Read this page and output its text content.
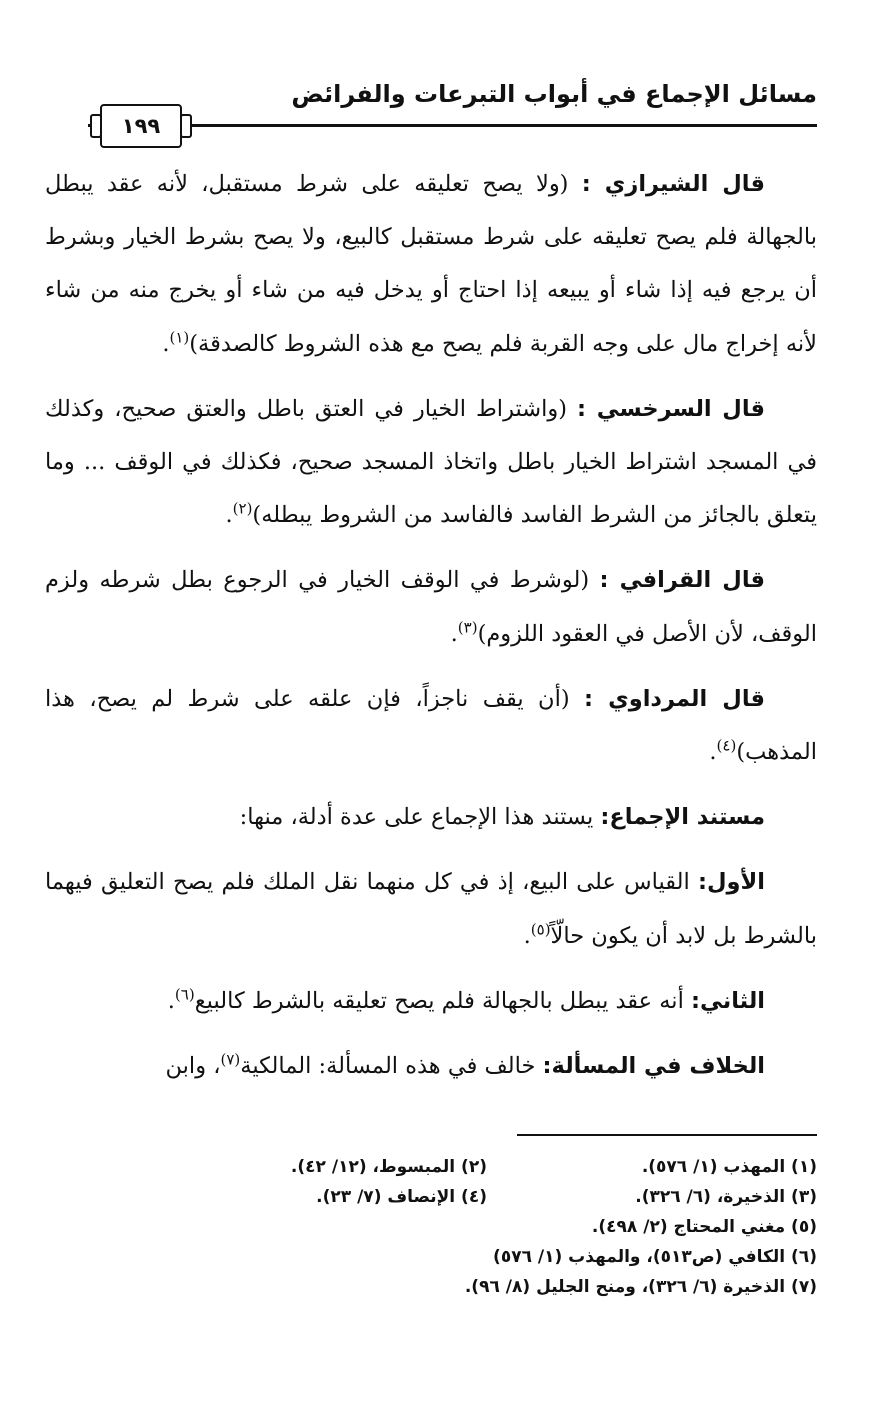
مسائل الإجماع في أبواب التبرعات والفرائض
١٩٩

قال الشيرازي : (ولا يصح تعليقه على شرط مستقبل، لأنه عقد يبطل بالجهالة فلم يصح تعليقه على شرط مستقبل كالبيع، ولا يصح بشرط الخيار وبشرط أن يرجع فيه إذا شاء أو يبيعه إذا احتاج أو يدخل فيه من شاء أو يخرج منه من شاء لأنه إخراج مال على وجه القربة فلم يصح مع هذه الشروط كالصدقة)$^{(١)}$.

قال السرخسي : (واشتراط الخيار في العتق باطل والعتق صحيح، وكذلك في المسجد اشتراط الخيار باطل واتخاذ المسجد صحيح، فكذلك في الوقف ... وما يتعلق بالجائز من الشرط الفاسد فالفاسد من الشروط يبطله)$^{(٢)}$.

قال القرافي : (لوشرط في الوقف الخيار في الرجوع بطل شرطه ولزم الوقف، لأن الأصل في العقود اللزوم)$^{(٣)}$.

قال المرداوي : (أن يقف ناجزاً، فإن علقه على شرط لم يصح، هذا المذهب)$^{(٤)}$.

مستند الإجماع: يستند هذا الإجماع على عدة أدلة، منها:

الأول: القياس على البيع، إذ في كل منهما نقل الملك فلم يصح التعليق فيهما بالشرط بل لابد أن يكون حالّاً$^{(٥)}$.

الثاني: أنه عقد يبطل بالجهالة فلم يصح تعليقه بالشرط كالبيع$^{(٦)}$.

الخلاف في المسألة: خالف في هذه المسألة: المالكية$^{(٧)}$، وابن

(١) المهذب (١/ ٥٧٦).
(٢) المبسوط، (١٢/ ٤٢).
(٣) الذخيرة، (٦/ ٣٢٦).
(٤) الإنصاف (٧/ ٢٣).
(٥) مغني المحتاج (٢/ ٤٩٨).
(٦) الكافي (ص٥١٣)، والمهذب (١/ ٥٧٦)
(٧) الذخيرة (٦/ ٣٢٦)، ومنح الجليل (٨/ ٩٦).
